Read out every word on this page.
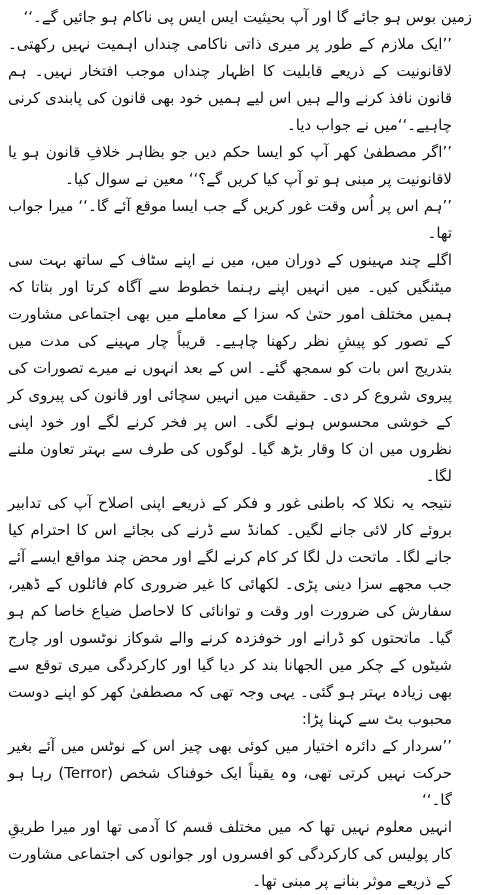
زمین بوس ہو جائے گا اور آپ بحیثیت ایس ایس پی ناکام ہو جائیں گے۔‘‘

’’ایک ملازم کے طور پر میری ذاتی ناکامی چنداں اہمیت نہیں رکھتی۔ لاقانونیت کے ذریعے قابلیت کا اظہار چنداں موجب افتخار نہیں۔ ہم قانون نافذ کرنے والے ہیں اس لیے ہمیں خود بھی قانون کی پابندی کرنی چاہیے۔‘‘میں نے جواب دیا۔

’’اگر مصطفیٰ کھر آپ کو ایسا حکم دیں جو بظاہر خلافِ قانون ہو یا لاقانونیت پر مبنی ہو تو آپ کیا کریں گے؟‘‘ معین نے سوال کیا۔

’’ہم اس پر اُس وقت غور کریں گے جب ایسا موقع آئے گا۔‘‘ میرا جواب تھا۔

اگلے چند مہینوں کے دوران میں، میں نے اپنے سٹاف کے ساتھ بہت سی میٹنگیں کیں۔ میں انہیں اپنے رہنما خطوط سے آگاہ کرتا اور بتاتا کہ ہمیں مختلف امور حتیٰ کہ سزا کے معاملے میں بھی اجتماعی مشاورت کے تصور کو پیشِ نظر رکھنا چاہیے۔ قریباً چار مہینے کی مدت میں بتدریج اس بات کو سمجھ گئے۔ اس کے بعد انہوں نے میرے تصورات کی پیروی شروع کر دی۔ حقیقت میں انہیں سچائی اور قانون کی پیروی کر کے خوشی محسوس ہونے لگی۔ اس پر فخر کرنے لگے اور خود اپنی نظروں میں ان کا وقار بڑھ گیا۔ لوگوں کی طرف سے بہتر تعاون ملنے لگا۔

نتیجہ یہ نکلا کہ باطنی غور و فکر کے ذریعے اپنی اصلاح آپ کی تدابیر بروئے کار لائی جانے لگیں۔ کمانڈ سے ڈرنے کی بجائے اس کا احترام کیا جانے لگا۔ ماتحت دل لگا کر کام کرنے لگے اور محض چند مواقع ایسے آئے جب مجھے سزا دینی پڑی۔ لکھائی کا غیر ضروری کام فائلوں کے ڈھیر، سفارش کی ضرورت اور وقت و توانائی کا لاحاصل ضیاع خاصا کم ہو گیا۔ ماتحتوں کو ڈرانے اور خوفزدہ کرنے والے شوکاز نوٹسوں اور چارج شیٹوں کے چکر میں الجھانا بند کر دیا گیا اور کارکردگی میری توقع سے بھی زیادہ بہتر ہو گئی۔ یہی وجہ تھی کہ مصطفیٰ کھر کو اپنے دوست محبوب بٹ سے کہنا پڑا:

’’سردار کے دائرہ اختیار میں کوئی بھی چیز اس کے نوٹس میں آئے بغیر حرکت نہیں کرتی تھی، وہ یقیناً ایک خوفناک شخص (Terror) رہا ہو گا۔‘‘

انہیں معلوم نہیں تھا کہ میں مختلف قسم کا آدمی تھا اور میرا طریقِ کار پولیس کی کارکردگی کو افسروں اور جوانوں کی اجتماعی مشاورت کے ذریعے موثر بنانے پر مبنی تھا۔
